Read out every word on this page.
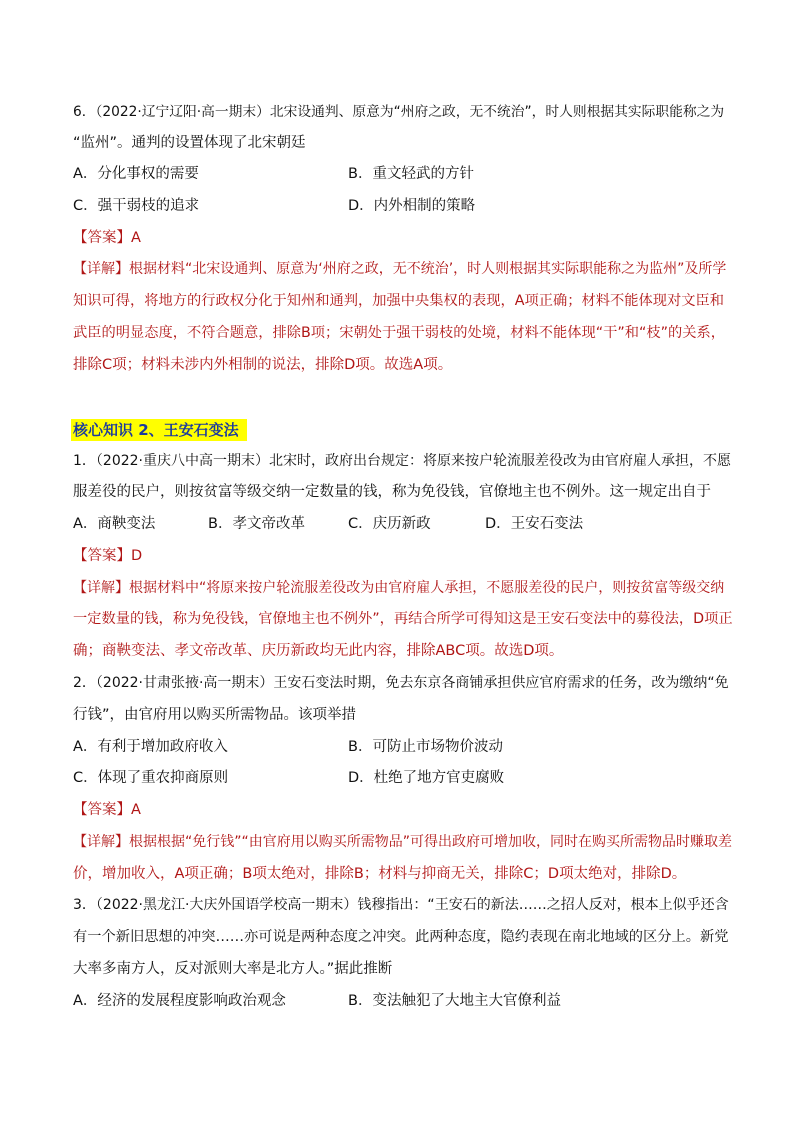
6．（2022·辽宁辽阳·高一期末）北宋设通判、原意为“州府之政，无不统治”，时人则根据其实际职能称之为
“监州”。通判的设置体现了北宋朝廷
A．分化事权的需要	B．重文轻武的方针
C．强干弱枝的追求	D．内外相制的策略
【答案】A
【详解】根据材料“北宋设通判、原意为‘州府之政，无不统治’，时人则根据其实际职能称之为监州”及所学
知识可得，将地方的行政权分化于知州和通判，加强中央集权的表现，A项正确；材料不能体现对文臣和
武臣的明显态度，不符合题意，排除B项；宋朝处于强干弱枝的处境，材料不能体现“干”和“枝”的关系，
排除C项；材料未涉内外相制的说法，排除D项。故选A项。
核心知识 2、王安石变法
1．（2022·重庆八中高一期末）北宋时，政府出台规定：将原来按户轮流服差役改为由官府雇人承担，不愿
服差役的民户，则按贫富等级交纳一定数量的钱，称为免役钱，官僚地主也不例外。这一规定出自于
A．商鞅变法	B．孝文帝改革	C．庆历新政	D．王安石变法
【答案】D
【详解】根据材料中“将原来按户轮流服差役改为由官府雇人承担，不愿服差役的民户，则按贫富等级交纳
一定数量的钱，称为免役钱，官僚地主也不例外”，再结合所学可得知这是王安石变法中的募役法，D项正
确；商鞅变法、孝文帝改革、庆历新政均无此内容，排除ABC项。故选D项。
2．（2022·甘肃张掖·高一期末）王安石变法时期，免去东京各商铺承担供应官府需求的任务，改为缴纳“免
行钱”，由官府用以购买所需物品。该项举措
A．有利于增加政府收入	B．可防止市场物价波动
C．体现了重农抑商原则	D．杜绝了地方官吏腐败
【答案】A
【详解】根据根据“免行钱”“由官府用以购买所需物品”可得出政府可增加收，同时在购买所需物品时赚取差
价，增加收入，A项正确；B项太绝对，排除B；材料与抑商无关，排除C；D项太绝对，排除D。
3．（2022·黑龙江·大庆外国语学校高一期末）钱穆指出：“王安石的新法……之招人反对，根本上似乎还含
有一个新旧思想的冲突……亦可说是两种态度之冲突。此两种态度，隐约表现在南北地域的区分上。新党
大率多南方人，反对派则大率是北方人。”据此推断
A．经济的发展程度影响政治观念	B．变法触犯了大地主大官僚利益
